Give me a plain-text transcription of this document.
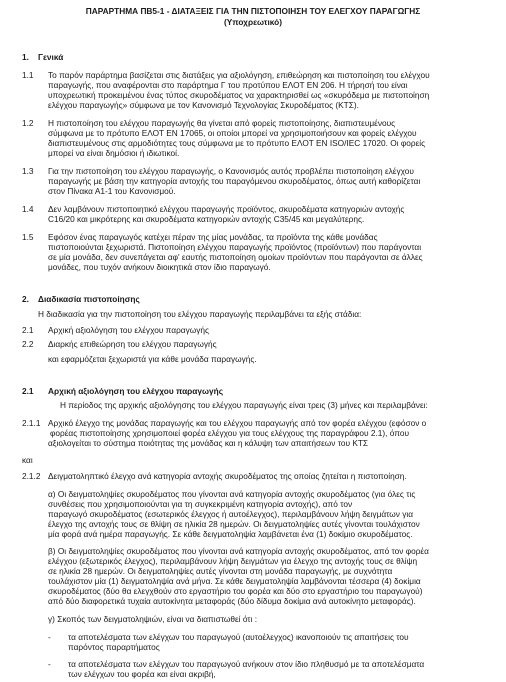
ΠΑΡΑΡΤΗΜΑ ΠΒ5-1 - ΔΙΑΤΑΞΕΙΣ ΓΙΑ ΤΗΝ ΠΙΣΤΟΠΟΙΗΣΗ ΤΟΥ ΕΛΕΓΧΟΥ ΠΑΡΑΓΩΓΗΣ
(Υποχρεωτικό)
1. Γενικά
1.1 Το παρόν παράρτημα βασίζεται στις διατάξεις για αξιολόγηση, επιθεώρηση και πιστοποίηση του ελέγχου
παραγωγής, που αναφέρονται στο παράρτημα Γ του προτύπου ΕΛΟΤ ΕΝ 206. Η τήρησή του είναι
υποχρεωτική προκειμένου ένας τύπος σκυροδέματος να χαρακτηρισθεί ως «σκυρόδεμα με πιστοποίηση
ελέγχου παραγωγής» σύμφωνα με τον Κανονισμό Τεχνολογίας Σκυροδέματος (ΚΤΣ).
1.2 Η πιστοποίηση του ελέγχου παραγωγής θα γίνεται από φορείς πιστοποίησης, διαπιστευμένους
σύμφωνα με το πρότυπο ΕΛΟΤ ΕΝ 17065, οι οποίοι μπορεί να χρησιμοποιήσουν και φορείς ελέγχου
διαπιστευμένους στις αρμοδιότητες τους σύμφωνα με το πρότυπο ΕΛΟΤ ΕΝ ISO/IEC 17020. Οι φορείς
μπορεί να είναι δημόσιοι ή ιδιωτικοί.
1.3 Για την πιστοποίηση του ελέγχου παραγωγής, ο Κανονισμός αυτός προβλέπει πιστοποίηση ελέγχου
παραγωγής με βάση την κατηγορία αντοχής του παραγόμενου σκυροδέματος, όπως αυτή καθορίζεται
στον Πίνακα Α1-1 του Κανονισμού.
1.4 Δεν λαμβάνουν πιστοποιητικό ελέγχου παραγωγής προϊόντος, σκυροδέματα κατηγοριών αντοχής
C16/20 και μικρότερης και σκυροδέματα κατηγοριών αντοχής C35/45 και μεγαλύτερης.
1.5 Εφόσον ένας παραγωγός κατέχει πέραν της μίας μονάδας, τα προϊόντα της κάθε μονάδας
πιστοποιούνται ξεχωριστά. Πιστοποίηση ελέγχου παραγωγής προϊόντος (προϊόντων) που παράγονται
σε μία μονάδα, δεν συνεπάγεται αφ' εαυτής πιστοποίηση ομοίων προϊόντων που παράγονται σε άλλες
μονάδες, που τυχόν ανήκουν διοικητικά στον ίδιο παραγωγό.
2. Διαδικασία πιστοποίησης
Η διαδικασία για την πιστοποίηση του ελέγχου παραγωγής περιλαμβάνει τα εξής στάδια:
2.1 Αρχική αξιολόγηση του ελέγχου παραγωγής
2.2 Διαρκής επιθεώρηση του ελέγχου παραγωγής
και εφαρμόζεται ξεχωριστά για κάθε μονάδα παραγωγής.
2.1 Αρχική αξιολόγηση του ελέγχου παραγωγής
Η περίοδος της αρχικής αξιολόγησης του ελέγχου παραγωγής είναι τρεις (3) μήνες και περιλαμβάνει:
2.1.1 Αρχικό έλεγχο της μονάδας παραγωγής και του ελέγχου παραγωγής από τον φορέα ελέγχου (εφόσον ο
φορέας πιστοποίησης χρησιμοποιεί φορέα ελέγχου για τους ελέγχους της παραγράφου 2.1), όπου
αξιολογείται το σύστημα ποιότητας της μονάδας και η κάλυψη των απαιτήσεων του ΚΤΣ
και
2.1.2 Δειγματοληπτικό έλεγχο ανά κατηγορία αντοχής σκυροδέματος της οποίας ζητείται η πιστοποίηση.
α) Οι δειγματοληψίες σκυροδέματος που γίνονται ανά κατηγορία αντοχής σκυροδέματος (για όλες τις
συνθέσεις που χρησιμοποιούνται για τη συγκεκριμένη κατηγορία αντοχής), από τον
παραγωγό σκυροδέματος (εσωτερικός έλεγχος ή αυτοέλεγχος), περιλαμβάνουν λήψη δειγμάτων για
έλεγχο της αντοχής τους σε θλίψη σε ηλικία 28 ημερών. Οι δειγματοληψίες αυτές γίνονται τουλάχιστον
μία φορά ανά ημέρα παραγωγής. Σε κάθε δειγματοληψία λαμβάνεται ένα (1) δοκίμιο σκυροδέματος.
β) Οι δειγματοληψίες σκυροδέματος που γίνονται ανά κατηγορία αντοχής σκυροδέματος, από τον φορέα
ελέγχου (εξωτερικός έλεγχος), περιλαμβάνουν λήψη δειγμάτων για έλεγχο της αντοχής τους σε θλίψη
σε ηλικία 28 ημερών. Οι δειγματοληψίες αυτές γίνονται στη μονάδα παραγωγής, με συχνότητα
τουλάχιστον μία (1) δειγματοληψία ανά μήνα. Σε κάθε δειγματοληψία λαμβάνονται τέσσερα (4) δοκίμια
σκυροδέματος (δύο θα ελεγχθούν στο εργαστήριο του φορέα και δύο στο εργαστήριο του παραγωγού)
από δύο διαφορετικά τυχαία αυτοκίνητα μεταφοράς (δύο δίδυμα δοκίμια ανά αυτοκίνητο μεταφοράς).
γ) Σκοπός των δειγματοληψιών, είναι να διαπιστωθεί ότι :
- τα αποτελέσματα των ελέγχων του παραγωγού (αυτοέλεγχος) ικανοποιούν τις απαιτήσεις του
παρόντος παραρτήματος
- τα αποτελέσματα των ελέγχων του παραγωγού ανήκουν στον ίδιο πληθυσμό με τα αποτελέσματα
των ελέγχων του φορέα και είναι ακριβή,
